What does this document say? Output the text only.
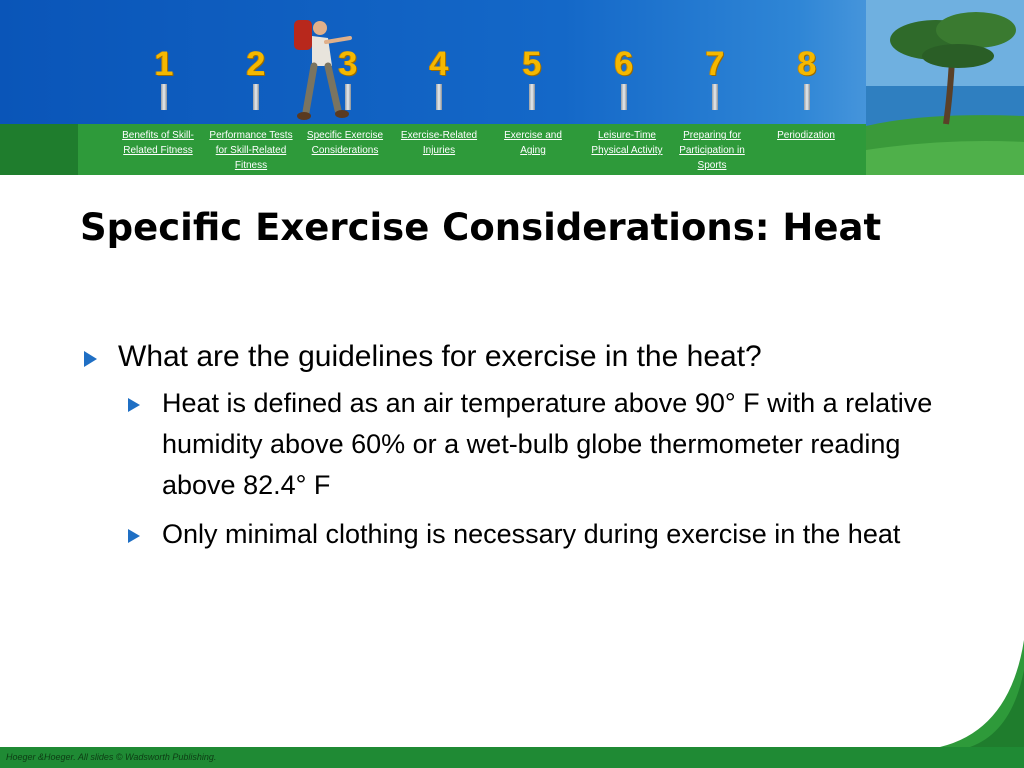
1 2 3 4 5 6 7 8
Benefits of Skill-Related Fitness
Performance Tests for Skill-Related Fitness
Specific Exercise Considerations
Exercise-Related Injuries
Exercise and Aging
Leisure-Time Physical Activity
Preparing for Participation in Sports
Periodization
Specific Exercise Considerations: Heat
What are the guidelines for exercise in the heat?
Heat is defined as an air temperature above 90° F with a relative humidity above 60% or a wet-bulb globe thermometer reading above 82.4° F
Only minimal clothing is necessary during exercise in the heat
Hoeger &Hoeger. All slides © Wadsworth Publishing.
